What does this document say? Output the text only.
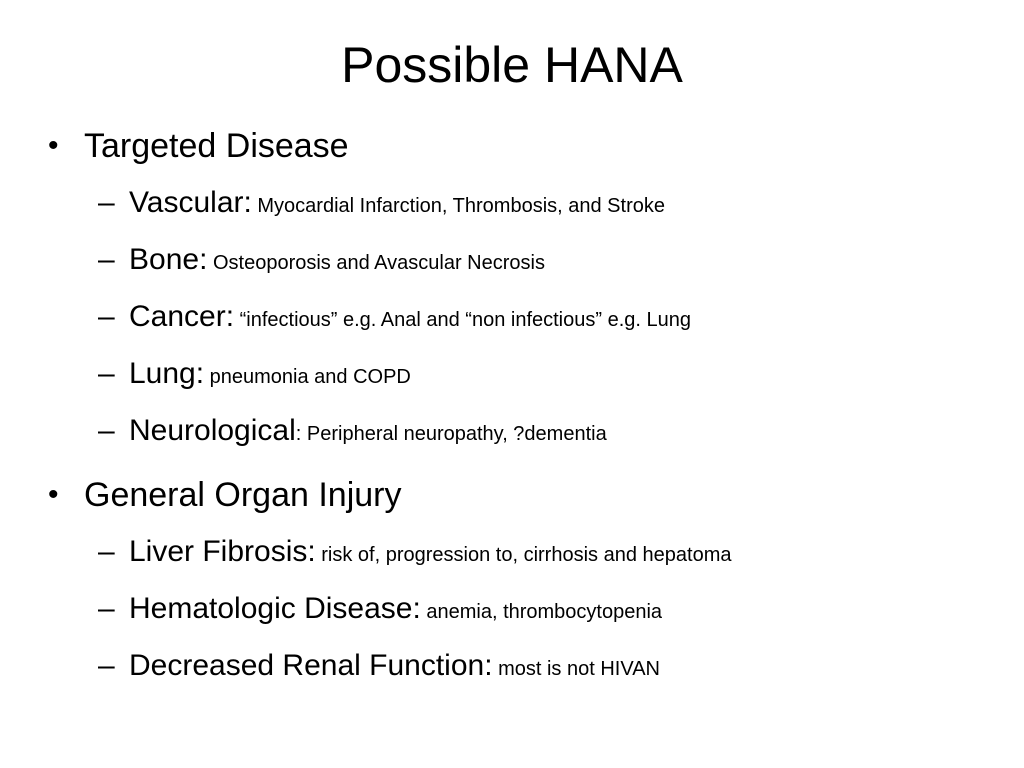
Possible HANA
• Targeted Disease
– Vascular: Myocardial Infarction, Thrombosis, and Stroke
– Bone: Osteoporosis and Avascular Necrosis
– Cancer: “infectious” e.g. Anal and “non infectious” e.g. Lung
– Lung: pneumonia and COPD
– Neurological: Peripheral neuropathy, ?dementia
• General Organ Injury
– Liver Fibrosis: risk of, progression to, cirrhosis and hepatoma
– Hematologic Disease: anemia, thrombocytopenia
– Decreased Renal Function: most is not HIVAN
